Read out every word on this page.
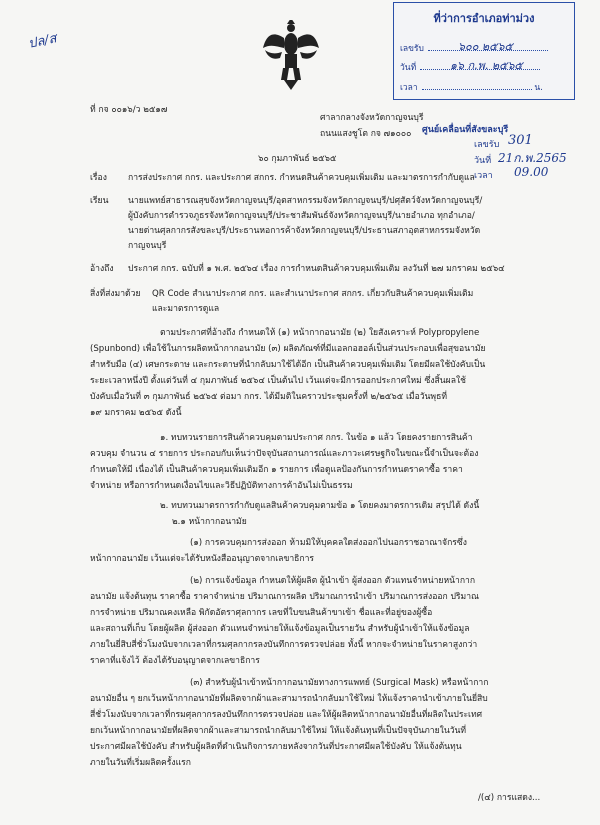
ปล/ส
ที่ว่าการอำเภอท่าม่วง
เลขรับ	๖๐๐ ๒๕๖๕
วันที่	๑๖ ก.พ. ๒๕๖๕
เวลา	น.
ศูนย์เคลื่อนที่สังขละบุรี
เลขรับ 301
วันที่ 21ก.พ.2565
เวลา 09.00
ที่ กจ ๐๐๑๖/ว ๒๕๑๗
ศาลากลางจังหวัดกาญจนบุรี
ถนนแสงชูโต กจ ๗๑๐๐๐
๖๐ กุมภาพันธ์ ๒๕๖๕
เรื่อง การส่งประกาศ กกร. และประกาศ สกกร. กำหนดสินค้าควบคุมเพิ่มเติม และมาตรการกำกับดูแล
เรียน นายแพทย์สาธารณสุขจังหวัดกาญจนบุรี/อุตสาหกรรมจังหวัดกาญจนบุรี/ปศุสัตว์จังหวัดกาญจนบุรี/
ผู้บังคับการตำรวจภูธรจังหวัดกาญจนบุรี/ประชาสัมพันธ์จังหวัดกาญจนบุรี/นายอำเภอ ทุกอำเภอ/
นายด่านศุลกากรสังขละบุรี/ประธานหอการค้าจังหวัดกาญจนบุรี/ประธานสภาอุตสาหกรรมจังหวัด
กาญจนบุรี
อ้างถึง ประกาศ กกร. ฉบับที่ ๑ พ.ศ. ๒๕๖๔ เรื่อง การกำหนดสินค้าควบคุมเพิ่มเติม ลงวันที่ ๒๗ มกราคม ๒๕๖๔
สิ่งที่ส่งมาด้วย QR Code สำเนาประกาศ กกร. และสำเนาประกาศ สกกร. เกี่ยวกับสินค้าควบคุมเพิ่มเติม
และมาตรการดูแล
ตามประกาศที่อ้างถึง กำหนดให้ (๑) หน้ากากอนามัย (๒) ใยสังเคราะห์ Polypropylene
(Spunbond) เพื่อใช้ในการผลิตหน้ากากอนามัย (๓) ผลิตภัณฑ์ที่มีแอลกอฮอล์เป็นส่วนประกอบเพื่อสุขอนามัย
สำหรับมือ (๔) เศษกระดาษ และกระดาษที่นำกลับมาใช้ได้อีก เป็นสินค้าควบคุมเพิ่มเติม โดยมีผลใช้บังคับเป็น
ระยะเวลาหนึ่งปี ตั้งแต่วันที่ ๔ กุมภาพันธ์ ๒๕๖๔ เป็นต้นไป เว้นแต่จะมีการออกประกาศใหม่ ซึ่งสิ้นผลใช้
บังคับเมื่อวันที่ ๓ กุมภาพันธ์ ๒๕๖๕ ต่อมา กกร. ได้มีมติในคราวประชุมครั้งที่ ๒/๒๕๖๕ เมื่อวันพุธที่
๑๙ มกราคม ๒๕๖๕ ดังนี้
๑. ทบทวนรายการสินค้าควบคุมตามประกาศ กกร. ในข้อ ๑ แล้ว โดยคงรายการสินค้า
ควบคุม จำนวน ๔ รายการ ประกอบกับเห็นว่าปัจจุบันสถานการณ์และภาวะเศรษฐกิจในขณะนี้จำเป็นจะต้อง
กำหนดให้มี เนื่องได้ เป็นสินค้าควบคุมเพิ่มเติมอีก ๑ รายการ เพื่อดูแลป้องกันการกำหนดราคาซื้อ ราคา
จำหน่าย หรือการกำหนดเงื่อนไขและวิธีปฏิบัติทางการค้าอันไม่เป็นธรรม
๒. ทบทวนมาตรการกำกับดูแลสินค้าควบคุมตามข้อ ๑ โดยคงมาตรการเดิม สรุปได้ ดังนี้
๒.๑ หน้ากากอนามัย
(๑) การควบคุมการส่งออก ห้ามมิให้บุคคลใดส่งออกไปนอกราชอาณาจักรซึ่ง
หน้ากากอนามัย เว้นแต่จะได้รับหนังสืออนุญาตจากเลขาธิการ
(๒) การแจ้งข้อมูล กำหนดให้ผู้ผลิต ผู้นำเข้า ผู้ส่งออก ตัวแทนจำหน่ายหน้ากาก
อนามัย แจ้งต้นทุน ราคาซื้อ ราคาจำหน่าย ปริมาณการผลิต ปริมาณการนำเข้า ปริมาณการส่งออก ปริมาณ
การจำหน่าย ปริมาณคงเหลือ พิกัดอัตราศุลกากร เลขที่ใบขนสินค้าขาเข้า ชื่อและที่อยู่ของผู้ซื้อ
และสถานที่เก็บ โดยผู้ผลิต ผู้ส่งออก ตัวแทนจำหน่ายให้แจ้งข้อมูลเป็นรายวัน สำหรับผู้นำเข้าให้แจ้งข้อมูล
ภายในยี่สิบสี่ชั่วโมงนับจากเวลาที่กรมศุลกากรลงบันทึกการตรวจปล่อย ทั้งนี้ หากจะจำหน่ายในราคาสูงกว่า
ราคาที่แจ้งไว้ ต้องได้รับอนุญาตจากเลขาธิการ
(๓) สำหรับผู้นำเข้าหน้ากากอนามัยทางการแพทย์ (Surgical Mask) หรือหน้ากาก
อนามัยอื่น ๆ ยกเว้นหน้ากากอนามัยที่ผลิตจากผ้าและสามารถนำกลับมาใช้ใหม่ ให้แจ้งราคานำเข้าภายในยี่สิบ
สี่ชั่วโมงนับจากเวลาที่กรมศุลกากรลงบันทึกการตรวจปล่อย และให้ผู้ผลิตหน้ากากอนามัยอื่นที่ผลิตในประเทศ
ยกเว้นหน้ากากอนามัยที่ผลิตจากผ้าและสามารถนำกลับมาใช้ใหม่ ให้แจ้งต้นทุนที่เป็นปัจจุบันภายในวันที่
ประกาศมีผลใช้บังคับ สำหรับผู้ผลิตที่ดำเนินกิจการภายหลังจากวันที่ประกาศมีผลใช้บังคับ ให้แจ้งต้นทุน
ภายในวันที่เริ่มผลิตครั้งแรก
/(๔) การแสดง...
